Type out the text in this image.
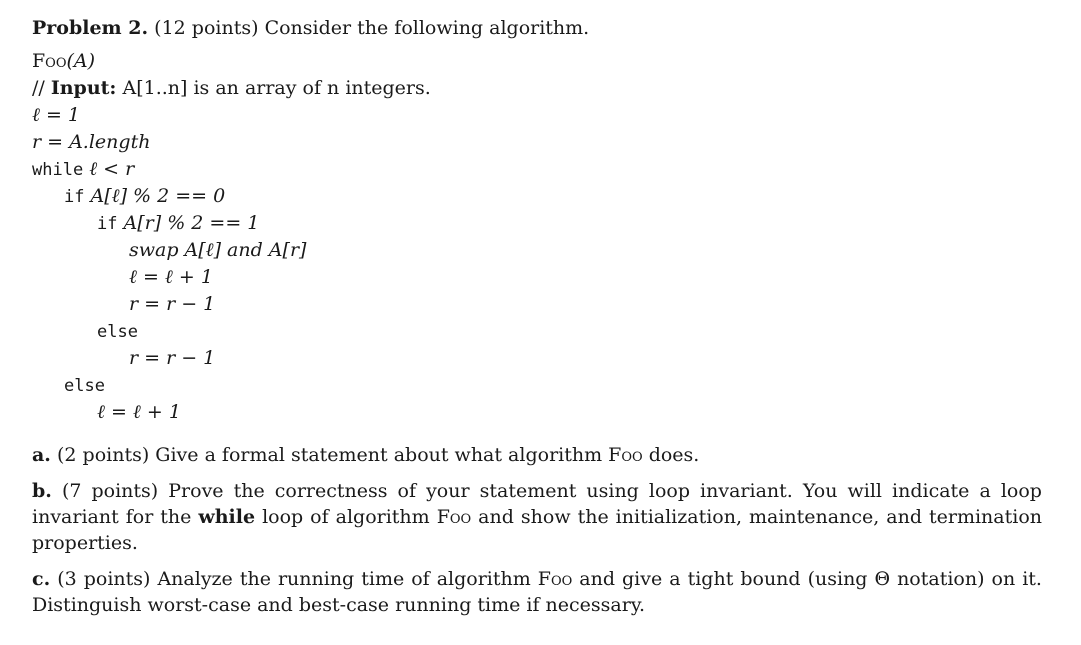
Problem 2. (12 points) Consider the following algorithm.
Foo(A)
// Input: A[1..n] is an array of n integers.
ℓ = 1
r = A.length
while ℓ < r
if A[ℓ] % 2 == 0
if A[r] % 2 == 1
swap A[ℓ] and A[r]
ℓ = ℓ + 1
r = r − 1
else
r = r − 1
else
ℓ = ℓ + 1
a. (2 points) Give a formal statement about what algorithm Foo does.
b. (7 points) Prove the correctness of your statement using loop invariant. You will indicate a loop invariant for the while loop of algorithm Foo and show the initialization, maintenance, and termination properties.
c. (3 points) Analyze the running time of algorithm Foo and give a tight bound (using Θ notation) on it. Distinguish worst-case and best-case running time if necessary.
